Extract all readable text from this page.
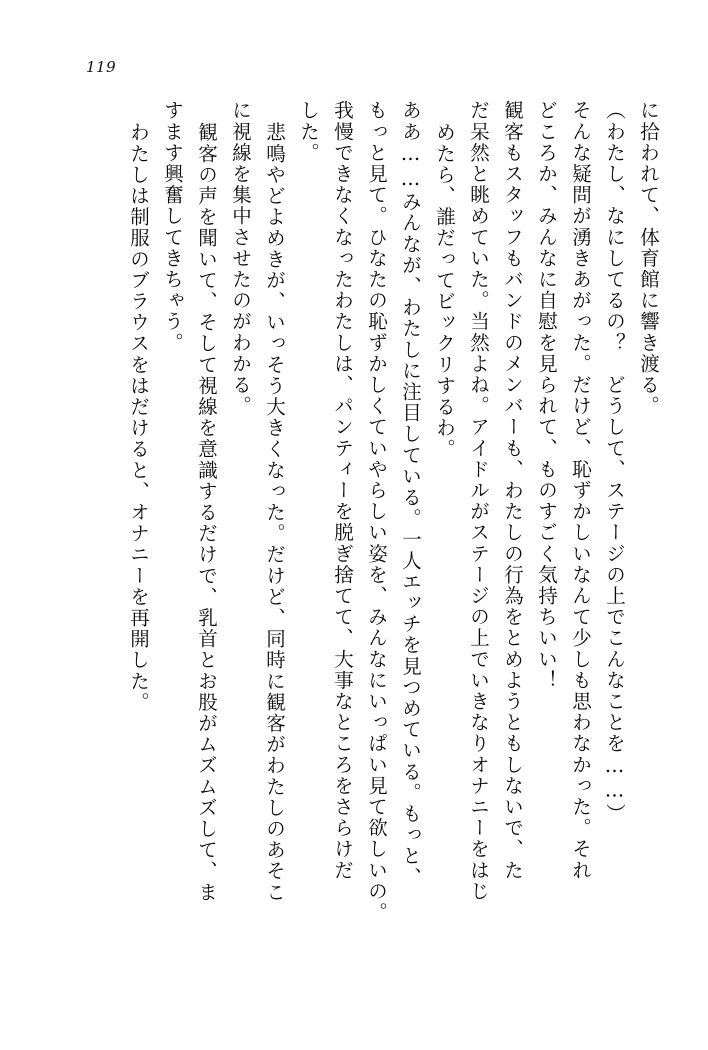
119
に拾われて、体育館に響き渡る。
（わたし、なにしてるの？　どうして、ステージの上でこんなことを……）
そんな疑問が湧きあがった。だけど、恥ずかしいなんて少しも思わなかった。それ
どころか、みんなに自慰を見られて、ものすごく気持ちいい！
観客もスタッフもバンドのメンバーも、わたしの行為をとめようともしないで、た
だ呆然と眺めていた。当然よね。アイドルがステージの上でいきなりオナニーをはじ
めたら、誰だってビックリするわ。
ああ……みんなが、わたしに注目している。一人エッチを見つめている。もっと、
もっと見て。ひなたの恥ずかしくていやらしい姿を、みんなにいっぱい見て欲しいの。
我慢できなくなったわたしは、パンティーを脱ぎ捨てて、大事なところをさらけだ
した。
悲鳴やどよめきが、いっそう大きくなった。だけど、同時に観客がわたしのあそこ
に視線を集中させたのがわかる。
観客の声を聞いて、そして視線を意識するだけで、乳首とお股がムズムズして、ま
すます興奮してきちゃう。
わたしは制服のブラウスをはだけると、オナニーを再開した。
